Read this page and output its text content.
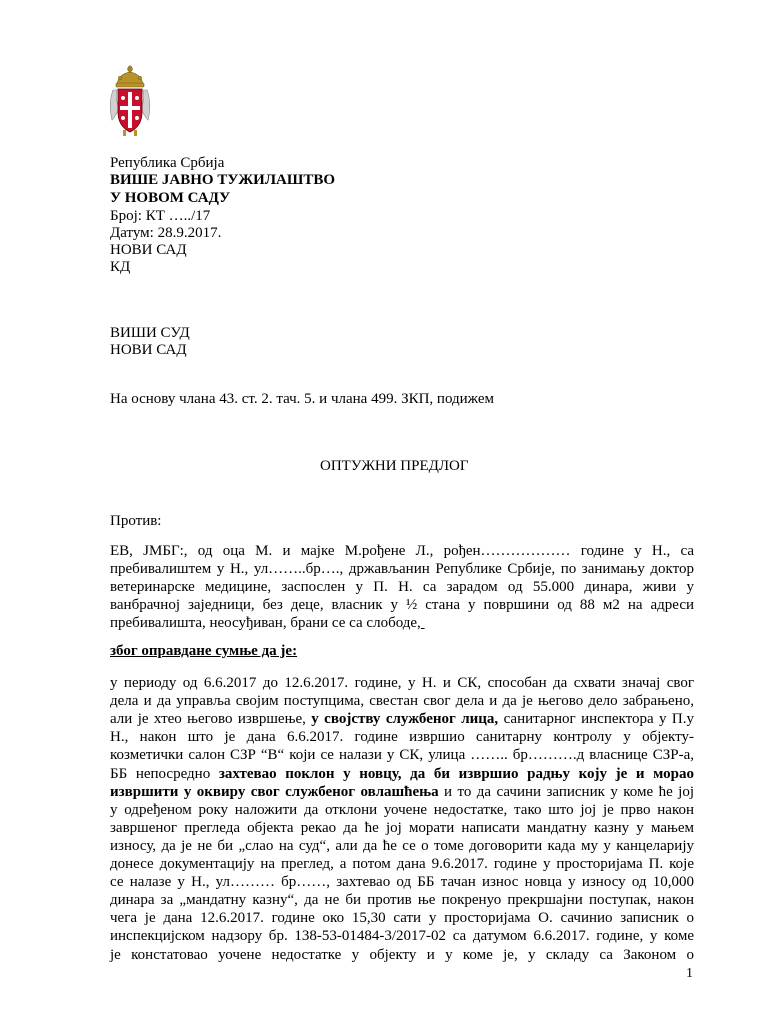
Република Србија
ВИШЕ ЈАВНО ТУЖИЛАШТВО
У НОВОМ САДУ
Број: КТ …../17
Датум: 28.9.2017.
НОВИ САД
КД
ВИШИ СУД
НОВИ САД
На основу члана 43. ст. 2. тач. 5. и члана 499. ЗКП, подижем
ОПТУЖНИ ПРЕДЛОГ
Против:
ЕВ, ЈМБГ:, од оца М. и мајке М.рођене Л., рођен……………… године у Н., са
пребивалиштем у Н., ул……..бр…., држављанин Републике Србије, по занимању доктор
ветеринарске медицине, заспослен у П. Н. са зарадом од 55.000 динара, живи у
ванбрачној заједници, без деце, власник у ½ стана у површини од 88 м2 на адреси
пребивалишта, неосуђиван, брани се са слободе,
због оправдане сумње да је:
у периоду од 6.6.2017 до 12.6.2017. године, у Н. и СК, способан да схвати значај свог
дела и да управља својим поступцима, свестан свог дела и да је његово дело забрањено,
али је хтео његово извршење, у својству службеног лица, санитарног инспектора у П.у
Н., након што је дана 6.6.2017. године извршио санитарну контролу у објекту-
козметички салон СЗР “В“ који се налази у СК, улица …….. бр……….д власнице СЗР-а,
ББ непосредно захтевао поклон у новцу, да би извршио радњу коју је и морао
извршити у оквиру свог службеног овлашћења и то да сачини записник у коме ће јој
у одређеном року наложити да отклони уочене недостатке, тако што јој је прво након
завршеног прегледа објекта рекао да ће јој морати написати мандатну казну у мањем
износу, да је не би „слао на суд“, али да ће се о томе договорити када му у канцеларију
донесе документацију на преглед, а потом дана 9.6.2017. године у просторијама П. које
се налазе у Н., ул……… бр……, захтевао од ББ тачан износ новца у износу од 10,000
динара за „мандатну казну“, да не би против ње покренуо прекршајни поступак, након
чега је дана 12.6.2017. године око 15,30 сати у просторијама О. сачинио записник о
инспекцијском надзору бр. 138-53-01484-3/2017-02 са датумом 6.6.2017. године, у коме
је констатовао уочене недостатке у објекту и у коме је, у складу са Законом о
1
